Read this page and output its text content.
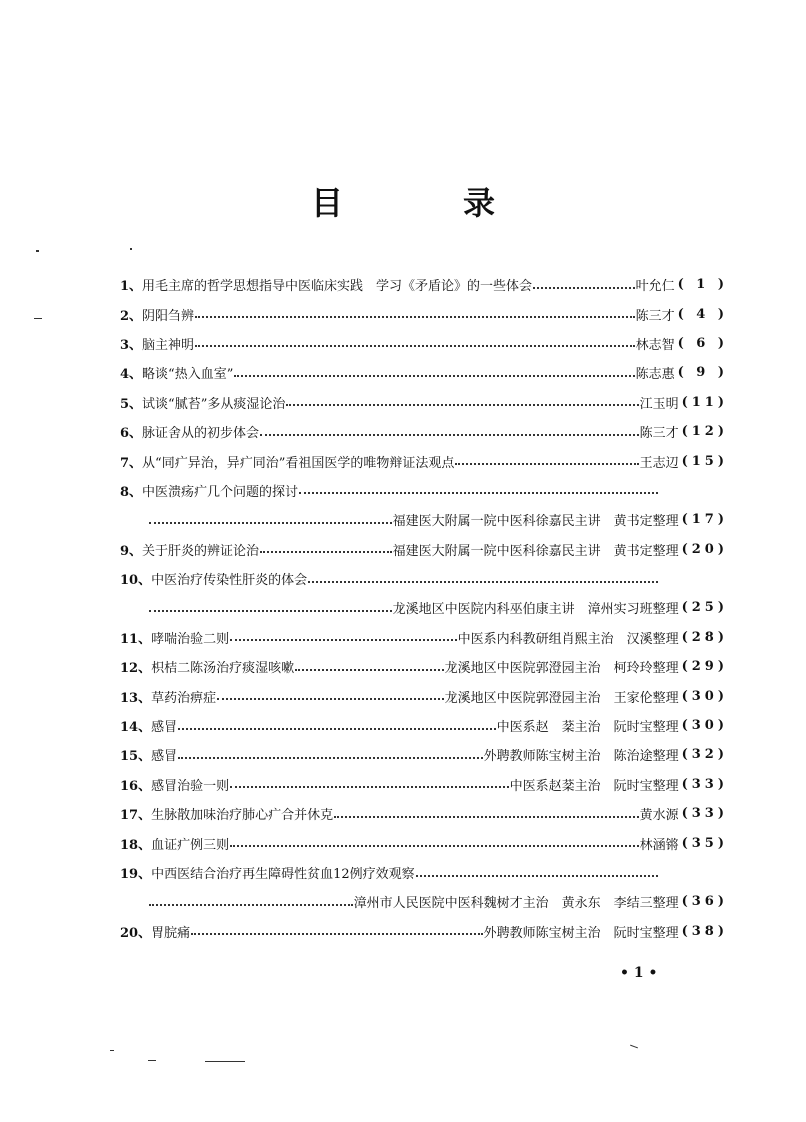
目	录
1、 用毛主席的哲学思想指导中医临床实践　学习《矛盾论》的一些体会	叶允仁 ( 1 )
2、 阴阳刍辨	陈三才 ( 4 )
3、 脑主神明	林志智 ( 6 )
4、 略谈“热入血室”	陈志惠 ( 9 )
5、 试谈“腻苔”多从痰湿论治	江玉明 (11)
6、 脉证舍从的初步体会	陈三才 (12)
7、 从“同疒异治，异疒同治”看祖国医学的唯物辩证法观点	王志辺 (15)
8、 中医溃疡疒几个问题的探讨
福建医大附属一院中医科徐嘉民主讲　黄书定整理 (17)
9、 关于肝炎的辨证论治	福建医大附属一院中医科徐嘉民主讲　黄书定整理 (20)
10、 中医治疗传染性肝炎的体会
龙溪地区中医院内科巫伯康主讲　漳州实习班整理 (25)
11、 哮喘治验二则	中医系内科教研组肖熙主治　汉溪整理 (28)
12、 枳桔二陈汤治疗痰湿咳嗽	龙溪地区中医院郭澄园主治　柯玲玲整理 (29)
13、 草药治痹症	龙溪地区中医院郭澄园主治　王家伦整理 (30)
14、 感冒	中医系赵　棻主治　阮时宝整理 (30)
15、 感冒	外聘教师陈宝树主治　陈治途整理 (32)
16、 感冒治验一则	中医系赵棻主治　阮时宝整理 (33)
17、 生脉散加味治疗肺心疒合并休克	黄水源 (33)
18、 血证疒例三则	林涵锵 (35)
19、 中西医结合治疗再生障碍性贫血12例疗效观察
漳州市人民医院中医科魏树才主治　黄永东　李结三整理 (36)
20、 胃脘痛	外聘教师陈宝树主治　阮时宝整理 (38)
• 1 •
